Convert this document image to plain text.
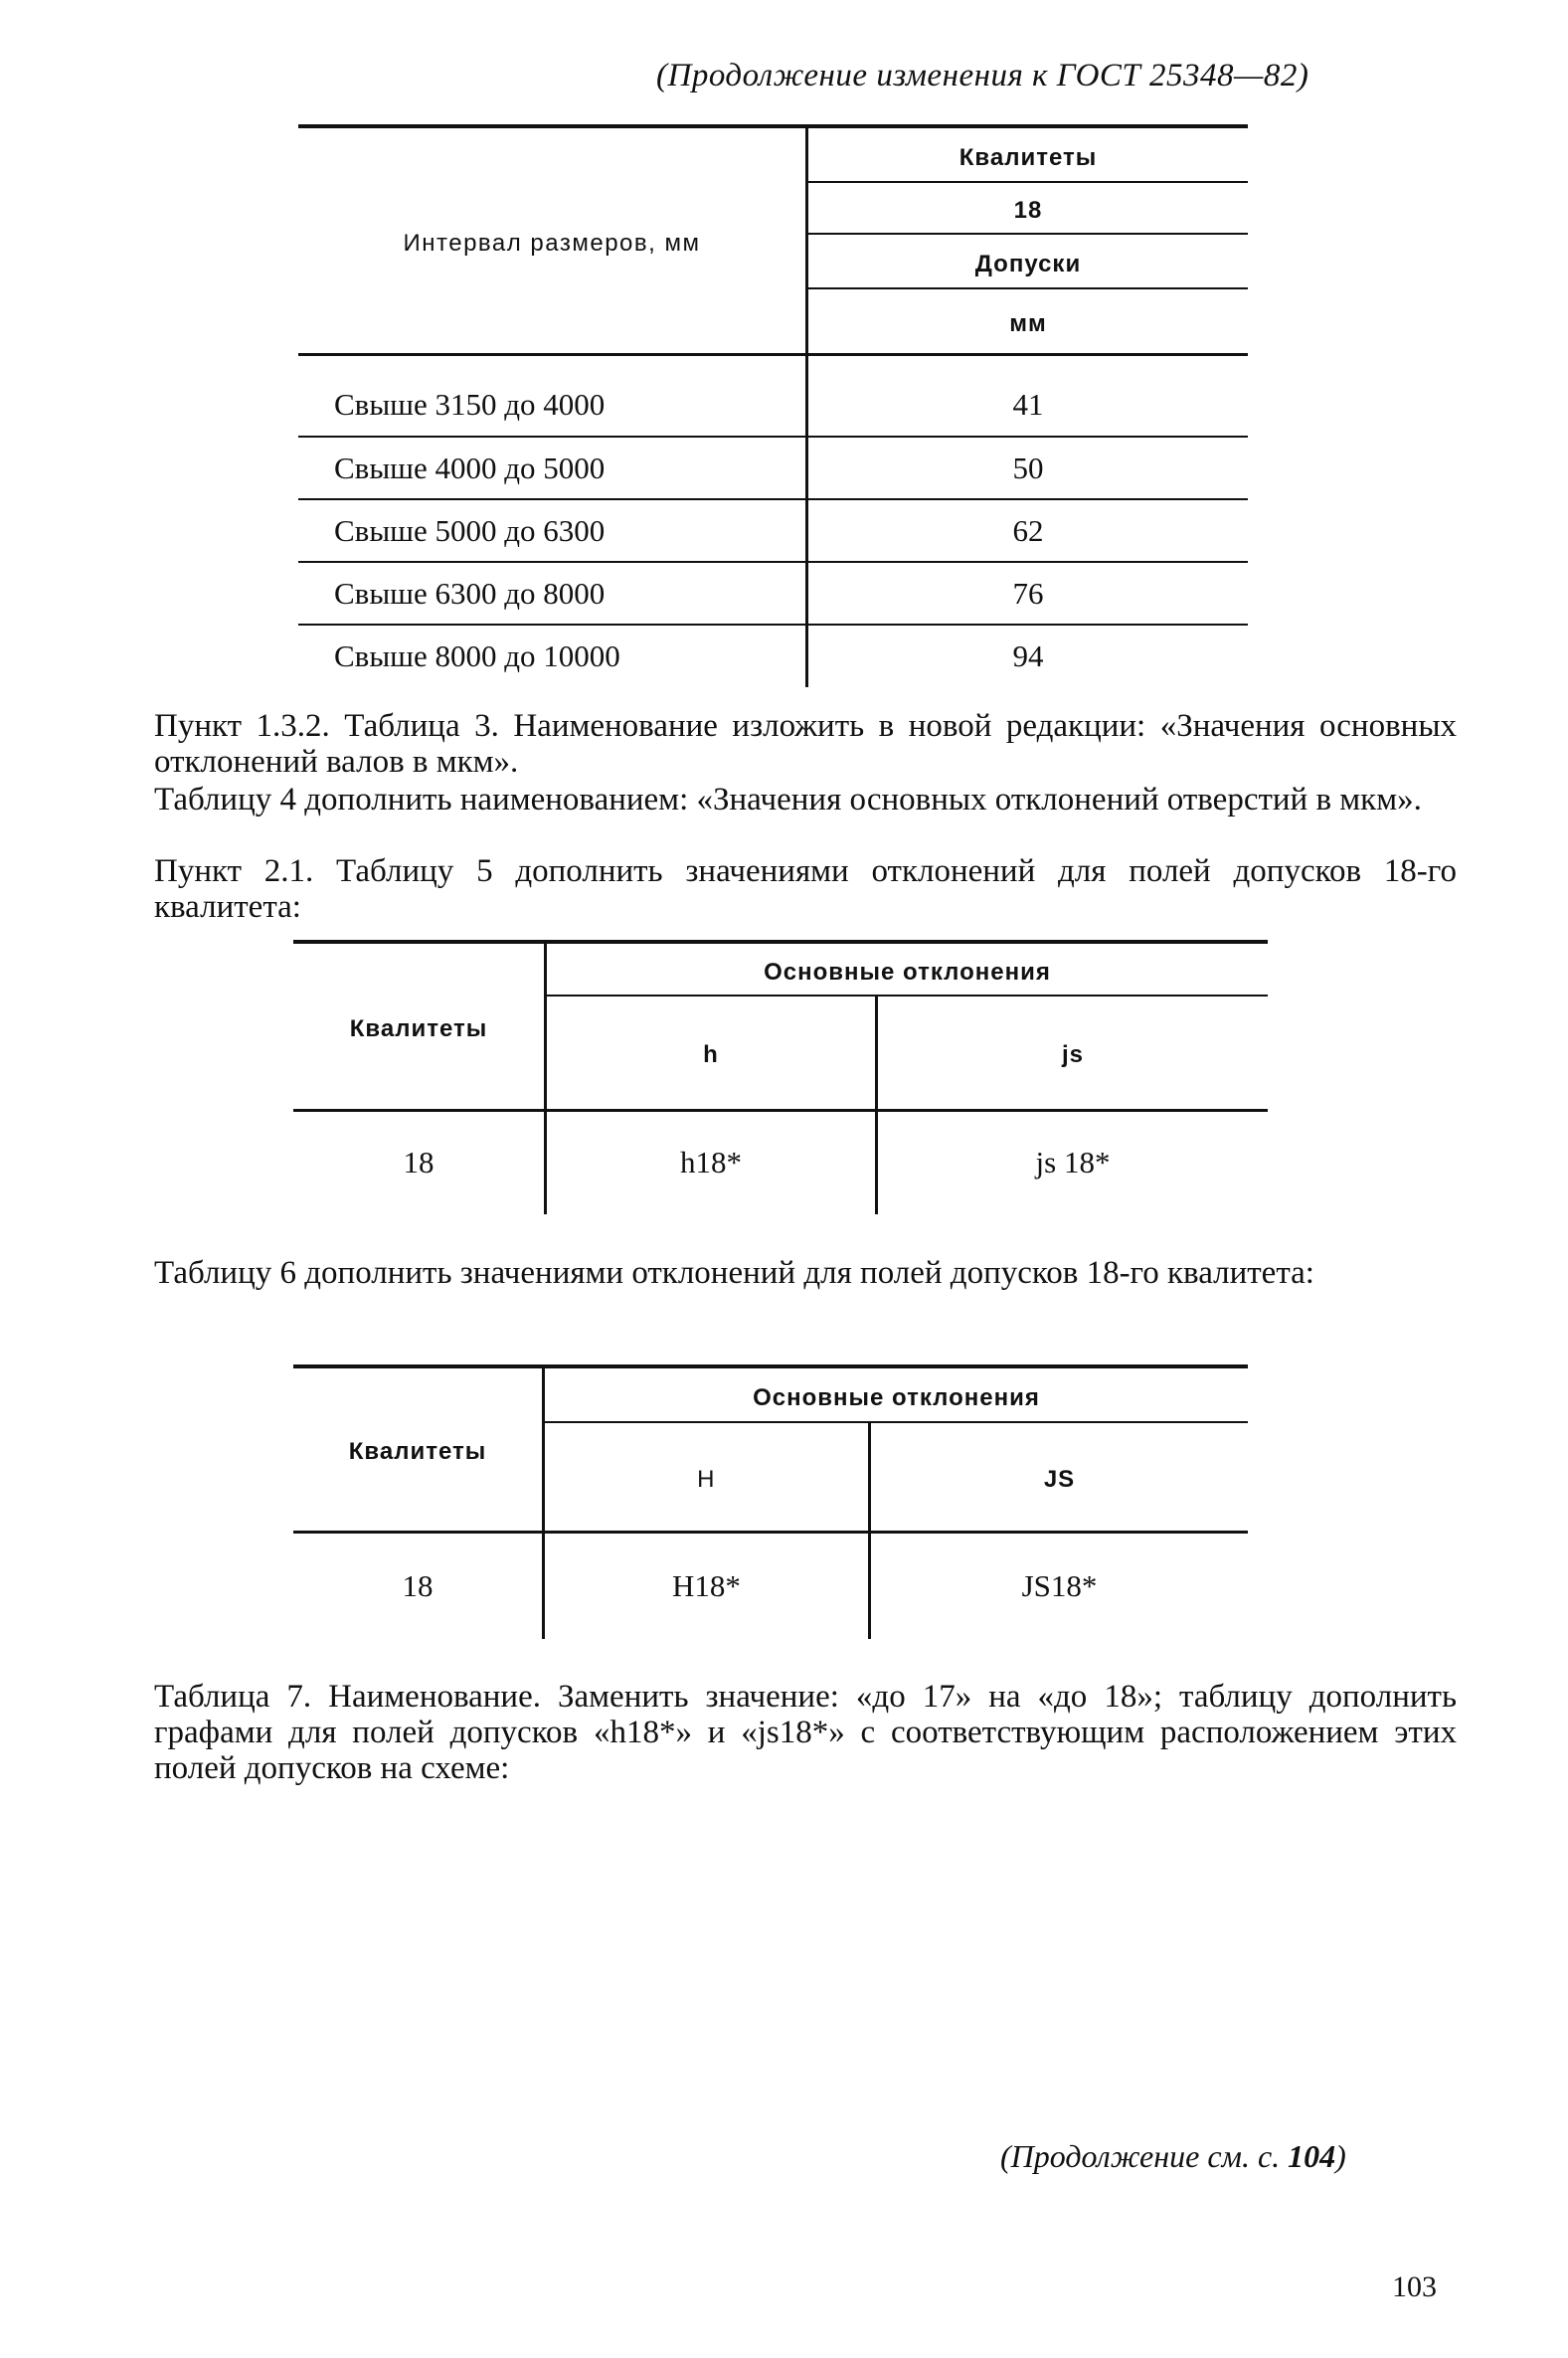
(Продолжение изменения к ГОСТ 25348—82)
Интервал размеров, мм	Квалитеты
	18
	Допуски
	мм

Свыше 3150 до 4000	41
Свыше 4000 до 5000	50
Свыше 5000 до 6300	62
Свыше 6300 до 8000	76
Свыше 8000 до 10000	94
Пункт 1.3.2. Таблица 3. Наименование изложить в новой редакции: «Значения основных отклонений валов в мкм».
Таблицу 4 дополнить наименованием: «Значения основных отклонений отверстий в мкм».
Пункт 2.1. Таблицу 5 дополнить значениями отклонений для полей допусков 18-го квалитета:
Квалитеты	Основные отклонения	
	h	js
18	h18*	js 18*
Таблицу 6 дополнить значениями отклонений для полей допусков 18-го квалитета:
Квалитеты	Основные отклонения	
	H	JS
18	H18*	JS18*
Таблица 7. Наименование. Заменить значение: «до 17» на «до 18»; таблицу дополнить графами для полей допусков «h18*» и «js18*» с соответствующим расположением этих полей допусков на схеме:
(Продолжение см. с. 104)
103
